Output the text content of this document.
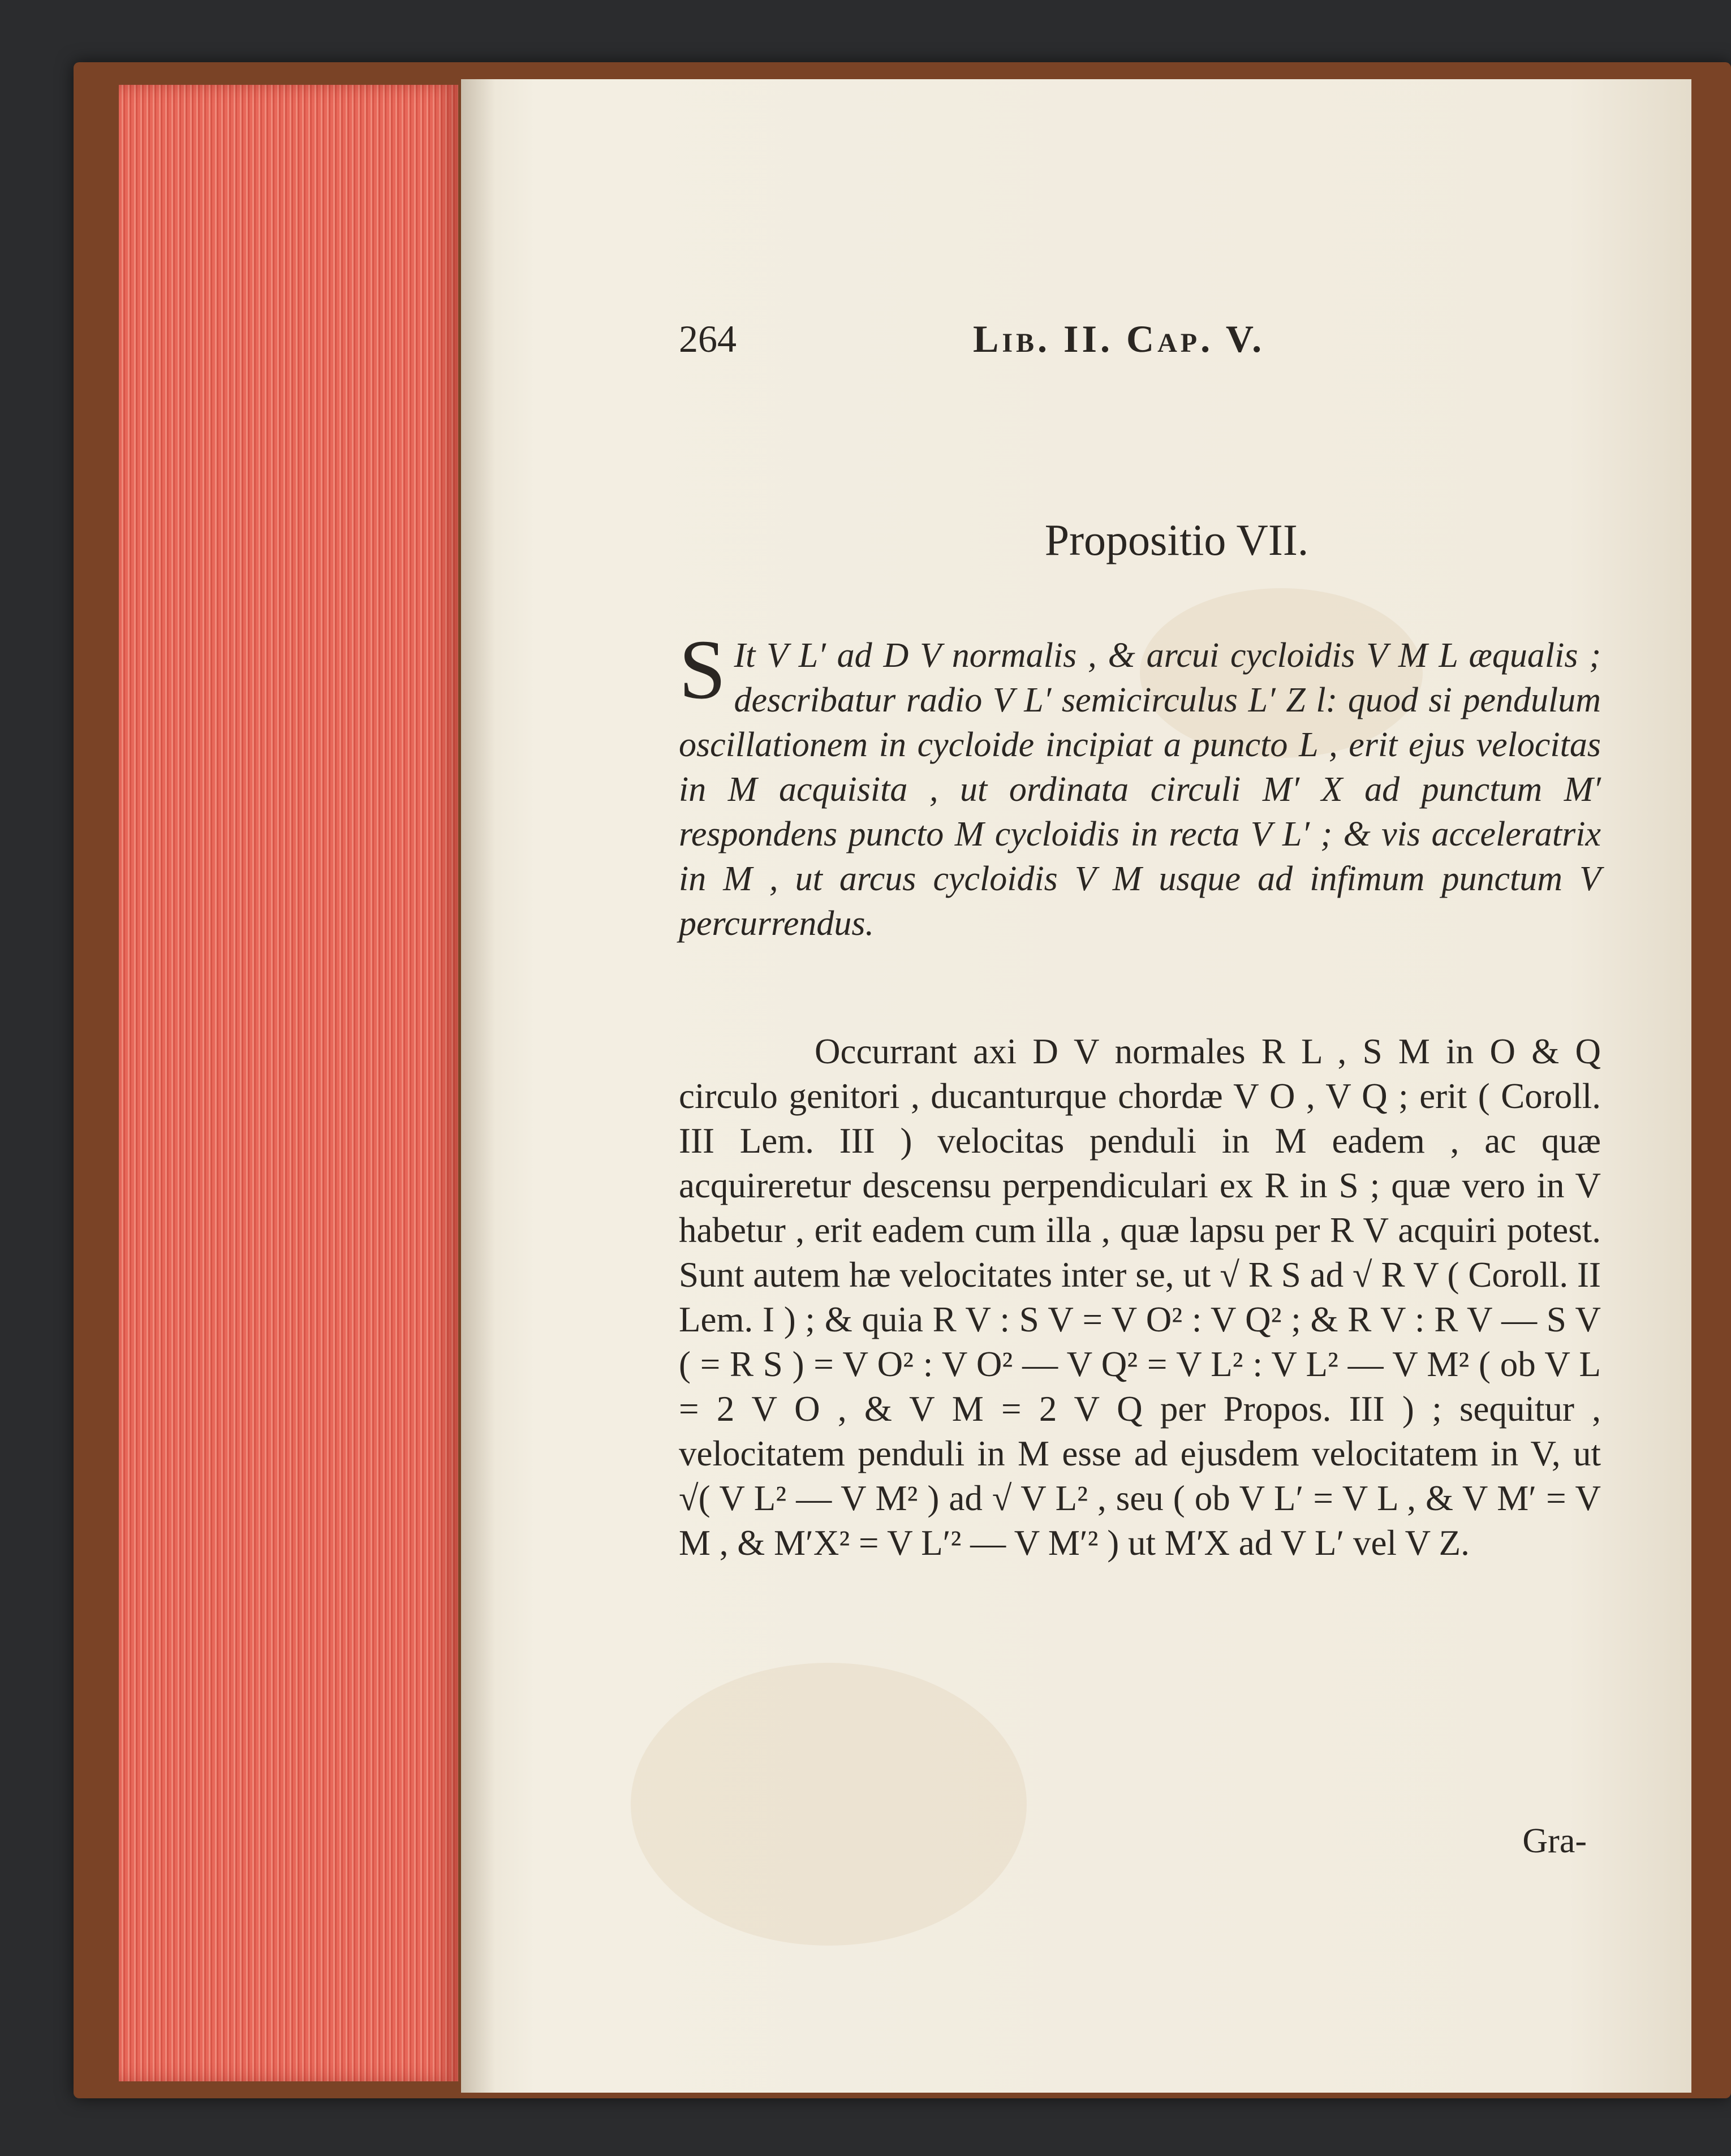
264	Lib. II. Cap. V.
Propositio VII.
S It V L′ ad D V normalis , & arcui cycloidis V M L æqualis ; describatur radio V L′ semicirculus L′ Z l: quod si pendulum oscillationem in cycloide incipiat a puncto L , erit ejus velocitas in M acquisita , ut ordinata circuli M′ X ad punctum M′ respondens puncto M cycloidis in recta V L′ ; & vis acceleratrix in M , ut arcus cycloidis V M usque ad infimum punctum V percurrendus.

Occurrant axi D V normales R L , S M in O & Q circulo genitori , ducanturque chordæ V O , V Q ; erit ( Coroll. III Lem. III ) velocitas penduli in M eadem , ac quæ acquireretur descensu perpendiculari ex R in S ; quæ vero in V habetur , erit eadem cum illa , quæ lapsu per R V acquiri potest. Sunt autem hæ velocitates inter se, ut √ R S ad √ R V ( Coroll. II Lem. I ) ; & quia R V : S V = V O² : V Q² ; & R V : R V — S V ( = R S ) = V O² : V O² — V Q² = V L² : V L² — V M² ( ob V L = 2 V O , & V M = 2 V Q per Propos. III ) ; sequitur , velocitatem penduli in M esse ad ejusdem velocitatem in V, ut √( V L² — V M² ) ad √ V L² , seu ( ob V L′ = V L , & V M′ = V M , & M′X² = V L′² — V M′² ) ut M′X ad V L′ vel V Z.

Gra-
